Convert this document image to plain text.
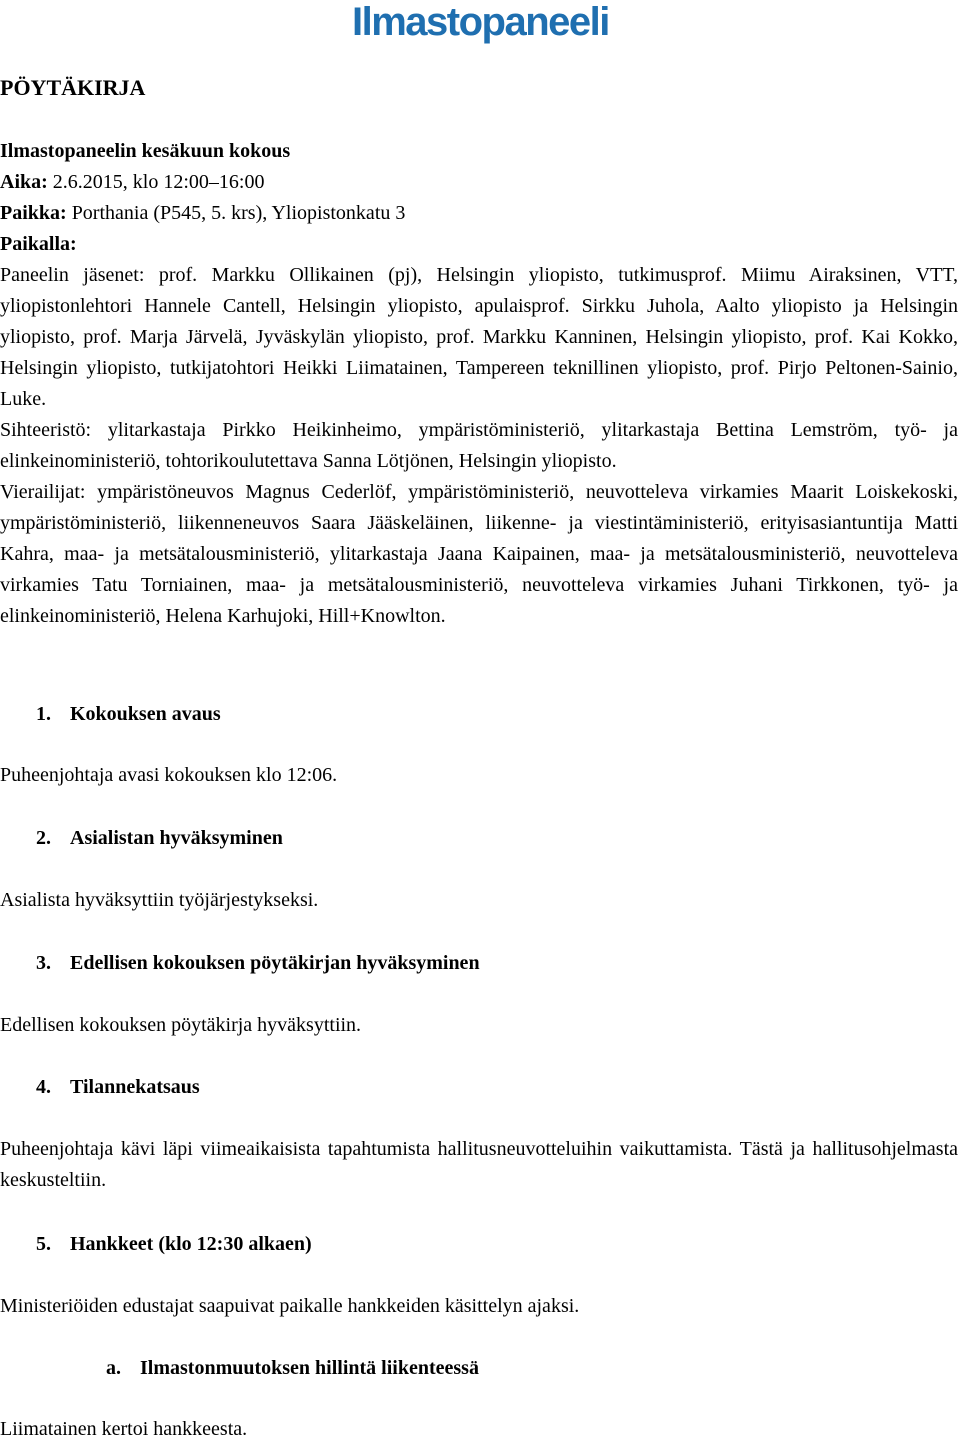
Ilmastopaneeli
PÖYTÄKIRJA

Ilmastopaneelin kesäkuun kokous

Aika: 2.6.2015, klo 12:00–16:00

Paikka: Porthania (P545, 5. krs), Yliopistonkatu 3

Paikalla:

Paneelin jäsenet: prof. Markku Ollikainen (pj), Helsingin yliopisto, tutkimusprof. Miimu Airaksinen, VTT, yliopistonlehtori Hannele Cantell, Helsingin yliopisto, apulaisprof. Sirkku Juhola, Aalto yliopisto ja Helsingin yliopisto, prof. Marja Järvelä, Jyväskylän yliopisto, prof. Markku Kanninen, Helsingin yliopisto, prof. Kai Kokko, Helsingin yliopisto, tutkijatohtori Heikki Liimatainen, Tampereen teknillinen yliopisto, prof. Pirjo Peltonen-Sainio, Luke.

Sihteeristö: ylitarkastaja Pirkko Heikinheimo, ympäristöministeriö, ylitarkastaja Bettina Lemström, työ- ja elinkeinoministeriö, tohtorikoulutettava Sanna Lötjönen, Helsingin yliopisto.

Vierailijat: ympäristöneuvos Magnus Cederlöf, ympäristöministeriö, neuvotteleva virkamies Maarit Loiskekoski, ympäristöministeriö, liikenneneuvos Saara Jääskeläinen, liikenne- ja viestintäministeriö, erityisasiantuntija Matti Kahra, maa- ja metsätalousministeriö, ylitarkastaja Jaana Kaipainen, maa- ja metsätalousministeriö, neuvotteleva virkamies Tatu Torniainen, maa- ja metsätalousministeriö, neuvotteleva virkamies Juhani Tirkkonen, työ- ja elinkeinoministeriö, Helena Karhujoki, Hill+Knowlton.

1. Kokouksen avaus

Puheenjohtaja avasi kokouksen klo 12:06.

2. Asialistan hyväksyminen

Asialista hyväksyttiin työjärjestykseksi.

3. Edellisen kokouksen pöytäkirjan hyväksyminen

Edellisen kokouksen pöytäkirja hyväksyttiin.

4. Tilannekatsaus

Puheenjohtaja kävi läpi viimeaikaisista tapahtumista hallitusneuvotteluihin vaikuttamista. Tästä ja hallitusohjelmasta keskusteltiin.

5. Hankkeet (klo 12:30 alkaen)

Ministeriöiden edustajat saapuivat paikalle hankkeiden käsittelyn ajaksi.

a. Ilmastonmuutoksen hillintä liikenteessä

Liimatainen kertoi hankkeesta.
